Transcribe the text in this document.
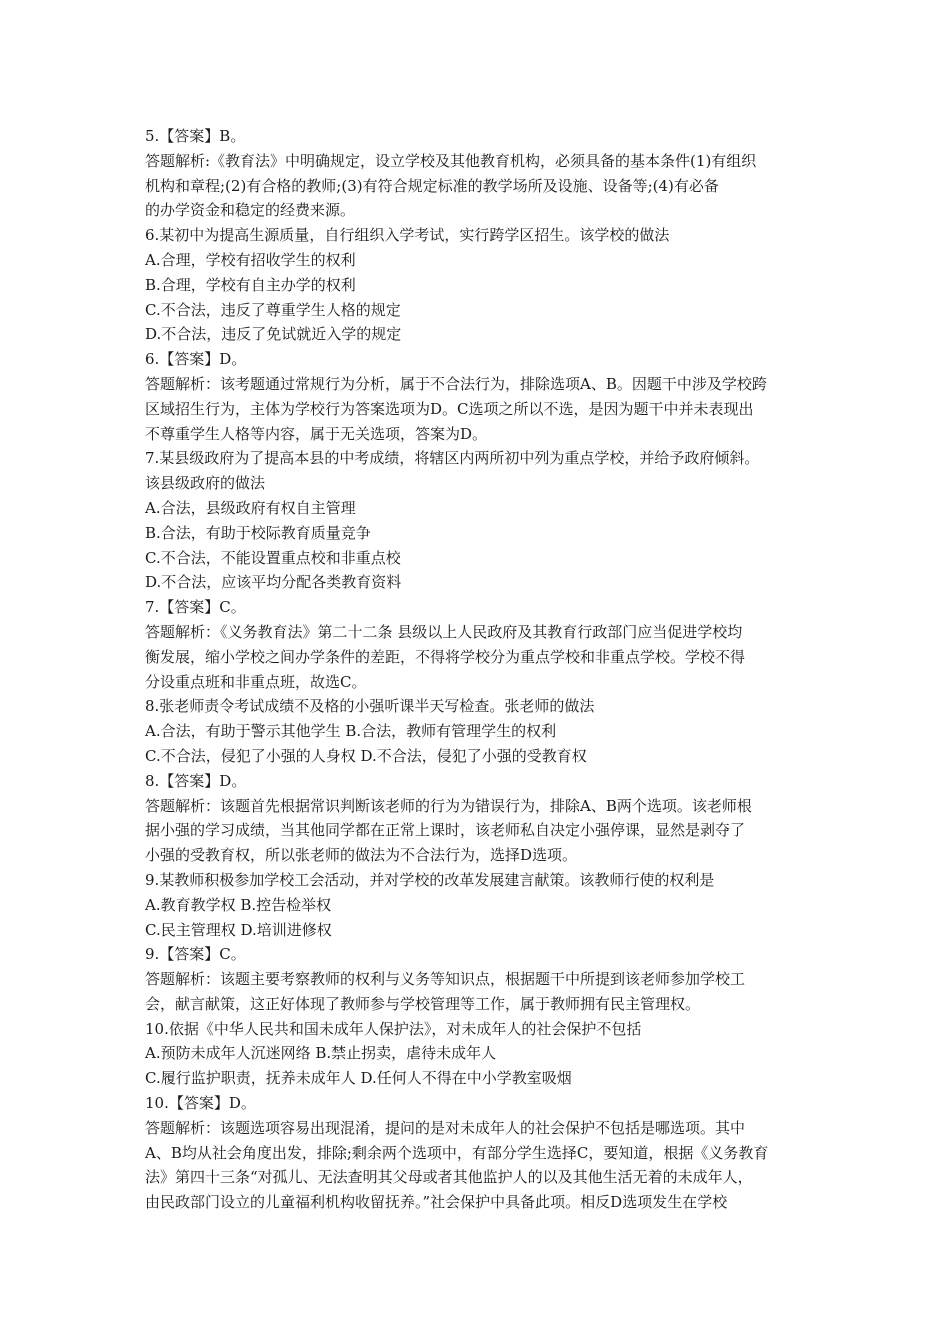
5.【答案】B。
答题解析:《教育法》中明确规定，设立学校及其他教育机构，必须具备的基本条件(1)有组织
机构和章程;(2)有合格的教师;(3)有符合规定标准的教学场所及设施、设备等;(4)有必备
的办学资金和稳定的经费来源。
6.某初中为提高生源质量，自行组织入学考试，实行跨学区招生。该学校的做法
A.合理，学校有招收学生的权利
B.合理，学校有自主办学的权利
C.不合法，违反了尊重学生人格的规定
D.不合法，违反了免试就近入学的规定
6.【答案】D。
答题解析：该考题通过常规行为分析，属于不合法行为，排除选项A、B。因题干中涉及学校跨
区域招生行为，主体为学校行为答案选项为D。C选项之所以不选，是因为题干中并未表现出
不尊重学生人格等内容，属于无关选项，答案为D。
7.某县级政府为了提高本县的中考成绩，将辖区内两所初中列为重点学校，并给予政府倾斜。
该县级政府的做法
A.合法，县级政府有权自主管理
B.合法，有助于校际教育质量竞争
C.不合法，不能设置重点校和非重点校
D.不合法，应该平均分配各类教育资料
7.【答案】C。
答题解析：《义务教育法》第二十二条 县级以上人民政府及其教育行政部门应当促进学校均
衡发展，缩小学校之间办学条件的差距，不得将学校分为重点学校和非重点学校。学校不得
分设重点班和非重点班，故选C。
8.张老师责令考试成绩不及格的小强听课半天写检查。张老师的做法
A.合法，有助于警示其他学生 B.合法，教师有管理学生的权利
C.不合法，侵犯了小强的人身权 D.不合法，侵犯了小强的受教育权
8.【答案】D。
答题解析：该题首先根据常识判断该老师的行为为错误行为，排除A、B两个选项。该老师根
据小强的学习成绩，当其他同学都在正常上课时，该老师私自决定小强停课，显然是剥夺了
小强的受教育权，所以张老师的做法为不合法行为，选择D选项。
9.某教师积极参加学校工会活动，并对学校的改革发展建言献策。该教师行使的权利是
A.教育教学权 B.控告检举权
C.民主管理权 D.培训进修权
9.【答案】C。
答题解析：该题主要考察教师的权利与义务等知识点，根据题干中所提到该老师参加学校工
会，献言献策，这正好体现了教师参与学校管理等工作，属于教师拥有民主管理权。
10.依据《中华人民共和国未成年人保护法》，对未成年人的社会保护不包括
A.预防未成年人沉迷网络 B.禁止拐卖，虐待未成年人
C.履行监护职责，抚养未成年人 D.任何人不得在中小学教室吸烟
10.【答案】D。
答题解析：该题选项容易出现混淆，提问的是对未成年人的社会保护不包括是哪选项。其中
A、B均从社会角度出发，排除;剩余两个选项中，有部分学生选择C，要知道，根据《义务教育
法》第四十三条“对孤儿、无法查明其父母或者其他监护人的以及其他生活无着的未成年人，
由民政部门设立的儿童福利机构收留抚养。”社会保护中具备此项。相反D选项发生在学校
